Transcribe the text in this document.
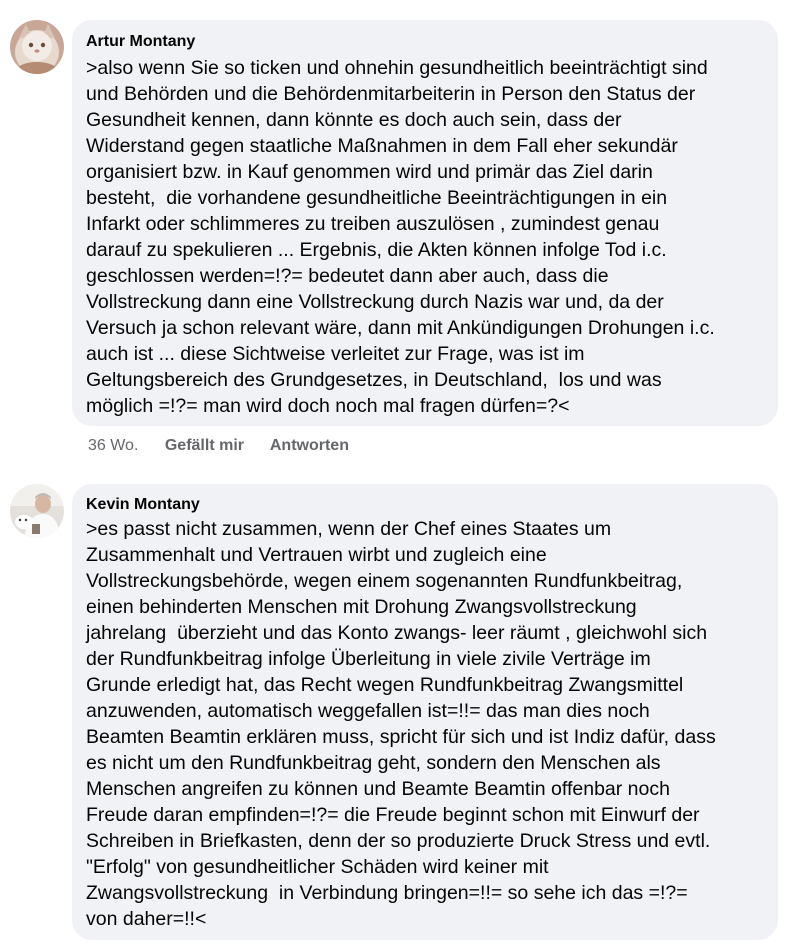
Artur Montany
>also wenn Sie so ticken und ohnehin gesundheitlich beeinträchtigt sind
und Behörden und die Behördenmitarbeiterin in Person den Status der
Gesundheit kennen, dann könnte es doch auch sein, dass der
Widerstand gegen staatliche Maßnahmen in dem Fall eher sekundär
organisiert bzw. in Kauf genommen wird und primär das Ziel darin
besteht,  die vorhandene gesundheitliche Beeinträchtigungen in ein
Infarkt oder schlimmeres zu treiben auszulösen , zumindest genau
darauf zu spekulieren ... Ergebnis, die Akten können infolge Tod i.c.
geschlossen werden=!?= bedeutet dann aber auch, dass die
Vollstreckung dann eine Vollstreckung durch Nazis war und, da der
Versuch ja schon relevant wäre, dann mit Ankündigungen Drohungen i.c.
auch ist ... diese Sichtweise verleitet zur Frage, was ist im
Geltungsbereich des Grundgesetzes, in Deutschland,  los und was
möglich =!?= man wird doch noch mal fragen dürfen=?<
36 Wo. Gefällt mir Antworten
Kevin Montany
>es passt nicht zusammen, wenn der Chef eines Staates um
Zusammenhalt und Vertrauen wirbt und zugleich eine
Vollstreckungsbehörde, wegen einem sogenannten Rundfunkbeitrag,
einen behinderten Menschen mit Drohung Zwangsvollstreckung
jahrelang  überzieht und das Konto zwangs- leer räumt , gleichwohl sich
der Rundfunkbeitrag infolge Überleitung in viele zivile Verträge im
Grunde erledigt hat, das Recht wegen Rundfunkbeitrag Zwangsmittel
anzuwenden, automatisch weggefallen ist=!!= das man dies noch
Beamten Beamtin erklären muss, spricht für sich und ist Indiz dafür, dass
es nicht um den Rundfunkbeitrag geht, sondern den Menschen als
Menschen angreifen zu können und Beamte Beamtin offenbar noch
Freude daran empfinden=!?= die Freude beginnt schon mit Einwurf der
Schreiben in Briefkasten, denn der so produzierte Druck Stress und evtl.
"Erfolg" von gesundheitlicher Schäden wird keiner mit
Zwangsvollstreckung  in Verbindung bringen=!!= so sehe ich das =!?=
von daher=!!<
